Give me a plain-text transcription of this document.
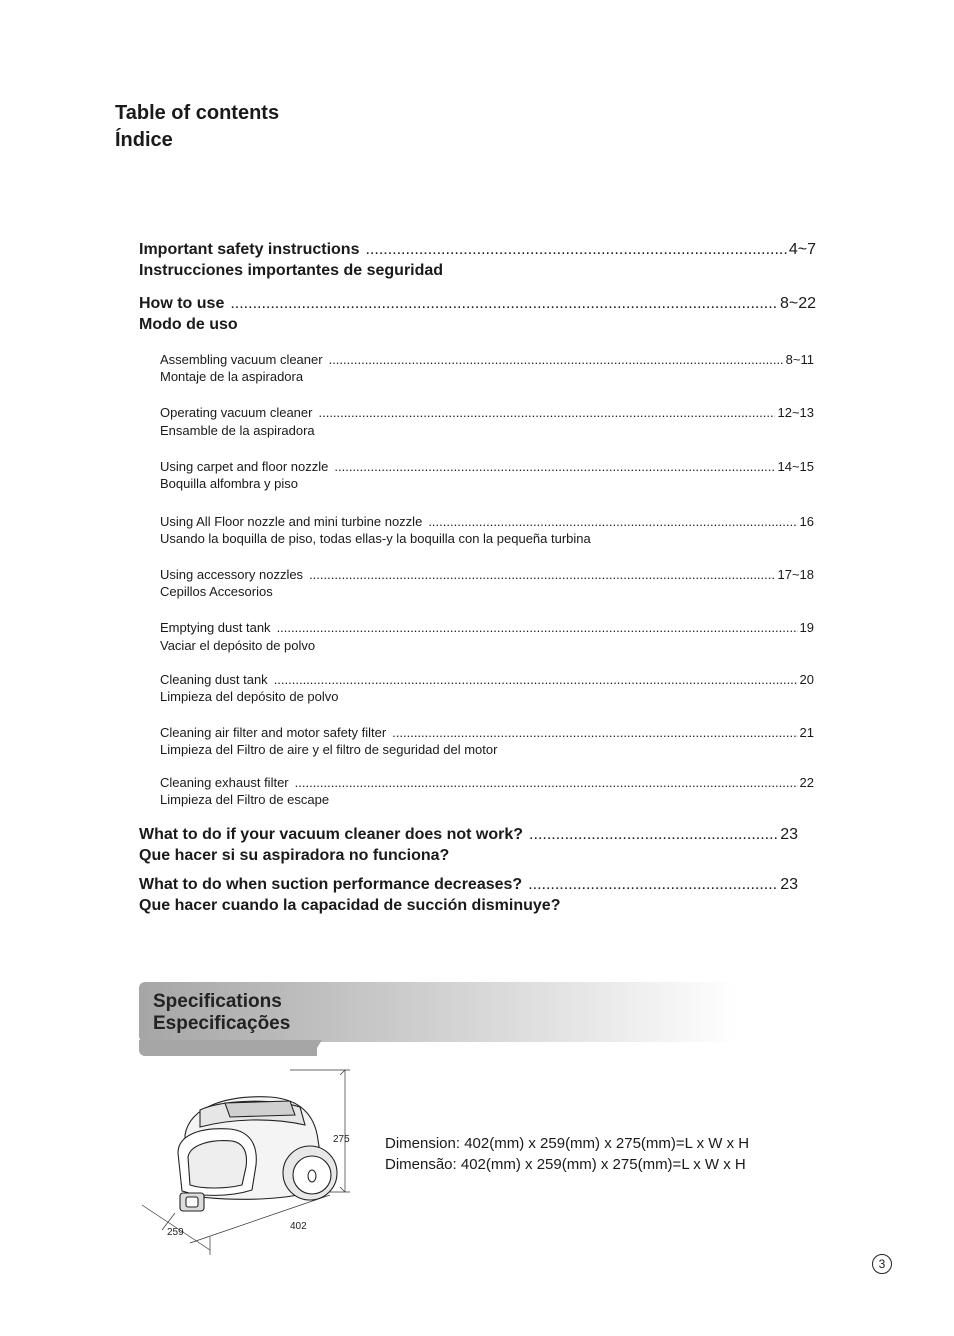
Table of contents
Índice
Important safety instructions .....	4~7
Instrucciones importantes de seguridad
How to use .....	8~22
Modo de uso
Assembling vacuum cleaner .....	8~11
Montaje de la aspiradora
Operating vacuum cleaner .....	12~13
Ensamble de la aspiradora
Using carpet and floor nozzle .....	14~15
Boquilla alfombra y piso
Using All Floor nozzle and mini turbine nozzle .....	16
Usando la boquilla de piso, todas ellas-y la boquilla con la pequeña turbina
Using accessory nozzles .....	17~18
Cepillos Accesorios
Emptying dust tank .....	19
Vaciar el depósito de polvo
Cleaning dust tank .....	20
Limpieza del depósito de polvo
Cleaning air filter and motor safety filter .....	21
Limpieza del Filtro de aire y el filtro de seguridad del motor
Cleaning exhaust filter .....	22
Limpieza del Filtro de escape
What to do if your vacuum cleaner does not work? .....	23
Que hacer si su aspiradora no funciona?
What to do when suction performance decreases? .....	23
Que hacer cuando la capacidad de succión disminuye?
Specifications
Especificações
275
402
259
Dimension: 402(mm) x 259(mm) x 275(mm)=L x W x H
Dimensão: 402(mm) x 259(mm) x 275(mm)=L x W x H
3
